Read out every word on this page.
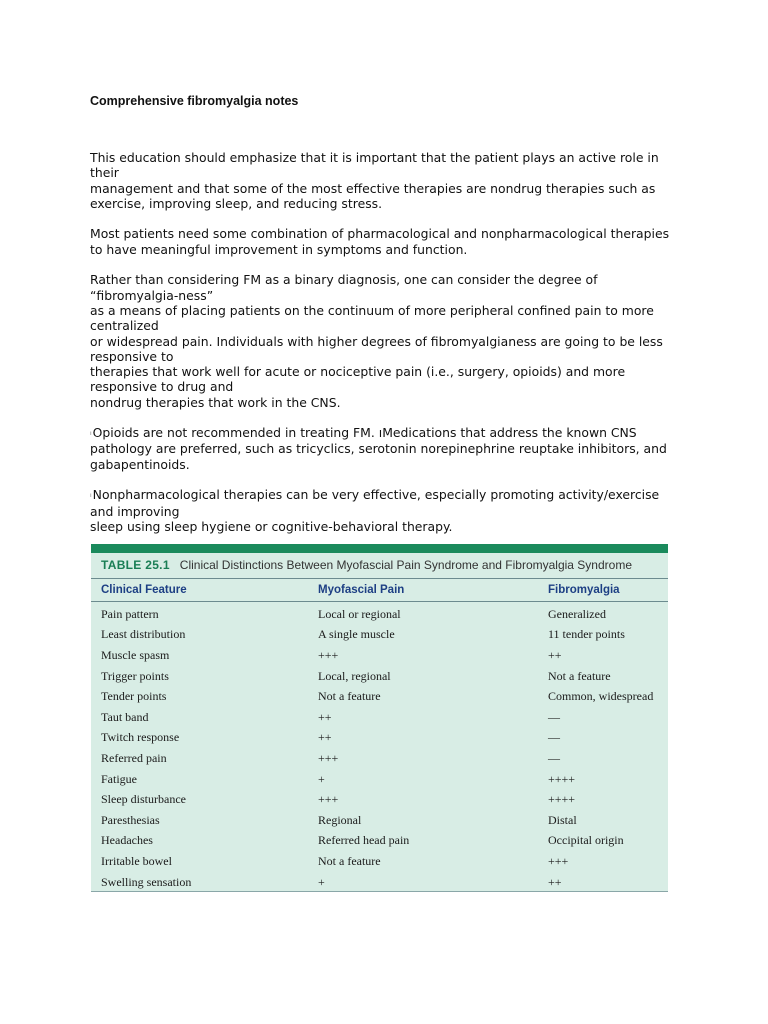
Comprehensive fibromyalgia notes
This education should emphasize that it is important that the patient plays an active role in
their
management and that some of the most effective therapies are nondrug therapies such as
exercise, improving sleep, and reducing stress.
Most patients need some combination of pharmacological and nonpharmacological therapies
to have meaningful improvement in symptoms and function.
Rather than considering FM as a binary diagnosis, one can consider the degree of
“fibromyalgia-ness”
as a means of placing patients on the continuum of more peripheral confined pain to more
centralized
or widespread pain. Individuals with higher degrees of fibromyalgianess are going to be less
responsive to
therapies that work well for acute or nociceptive pain (i.e., surgery, opioids) and more
responsive to drug and
nondrug therapies that work in the CNS.
ıOpioids are not recommended in treating FM. ıMedications that address the known CNS
pathology are preferred, such as tricyclics, serotonin norepinephrine reuptake inhibitors, and
gabapentinoids.
ıNonpharmacological therapies can be very effective, especially promoting activity/exercise
and improving
sleep using sleep hygiene or cognitive-behavioral therapy.
TABLE 25.1 Clinical Distinctions Between Myofascial Pain Syndrome and Fibromyalgia Syndrome
Clinical Feature	Myofascial Pain	Fibromyalgia
Pain pattern	Local or regional	Generalized
Least distribution	A single muscle	11 tender points
Muscle spasm	+++	++
Trigger points	Local, regional	Not a feature
Tender points	Not a feature	Common, widespread
Taut band	++	—
Twitch response	++	—
Referred pain	+++	—
Fatigue	+	++++
Sleep disturbance	+++	++++
Paresthesias	Regional	Distal
Headaches	Referred head pain	Occipital origin
Irritable bowel	Not a feature	+++
Swelling sensation	+	++
